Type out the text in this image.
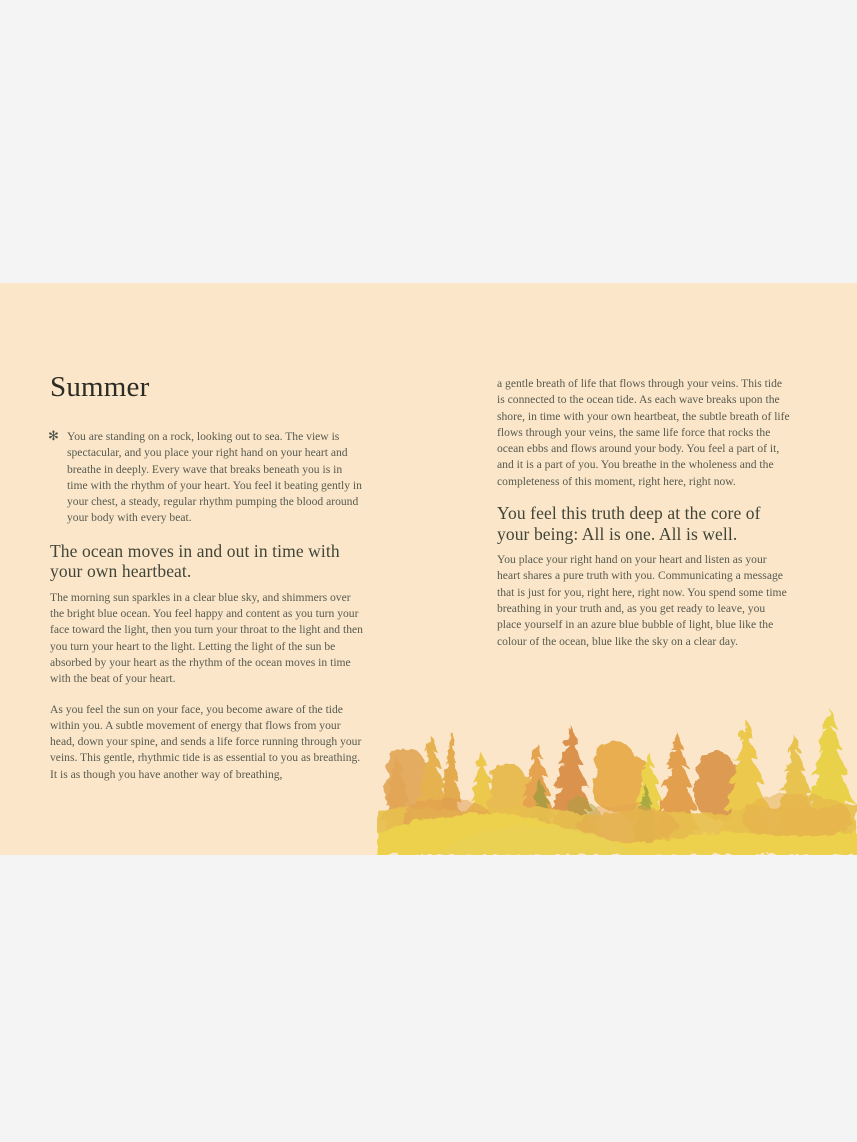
Summer

✻ You are standing on a rock, looking out to sea. The view is spectacular, and you place your right hand on your heart and breathe in deeply. Every wave that breaks beneath you is in time with the rhythm of your heart. You feel it beating gently in your chest, a steady, regular rhythm pumping the blood around your body with every beat.

The ocean moves in and out in time with your own heartbeat.

The morning sun sparkles in a clear blue sky, and shimmers over the bright blue ocean. You feel happy and content as you turn your face toward the light, then you turn your throat to the light and then you turn your heart to the light. Letting the light of the sun be absorbed by your heart as the rhythm of the ocean moves in time with the beat of your heart.

As you feel the sun on your face, you become aware of the tide within you. A subtle movement of energy that flows from your head, down your spine, and sends a life force running through your veins. This gentle, rhythmic tide is as essential to you as breathing. It is as though you have another way of breathing,

a gentle breath of life that flows through your veins. This tide is connected to the ocean tide. As each wave breaks upon the shore, in time with your own heartbeat, the subtle breath of life flows through your veins, the same life force that rocks the ocean ebbs and flows around your body. You feel a part of it, and it is a part of you. You breathe in the wholeness and the completeness of this moment, right here, right now.

You feel this truth deep at the core of your being: All is one. All is well.

You place your right hand on your heart and listen as your heart shares a pure truth with you. Communicating a message that is just for you, right here, right now. You spend some time breathing in your truth and, as you get ready to leave, you place yourself in an azure blue bubble of light, blue like the colour of the ocean, blue like the sky on a clear day.
